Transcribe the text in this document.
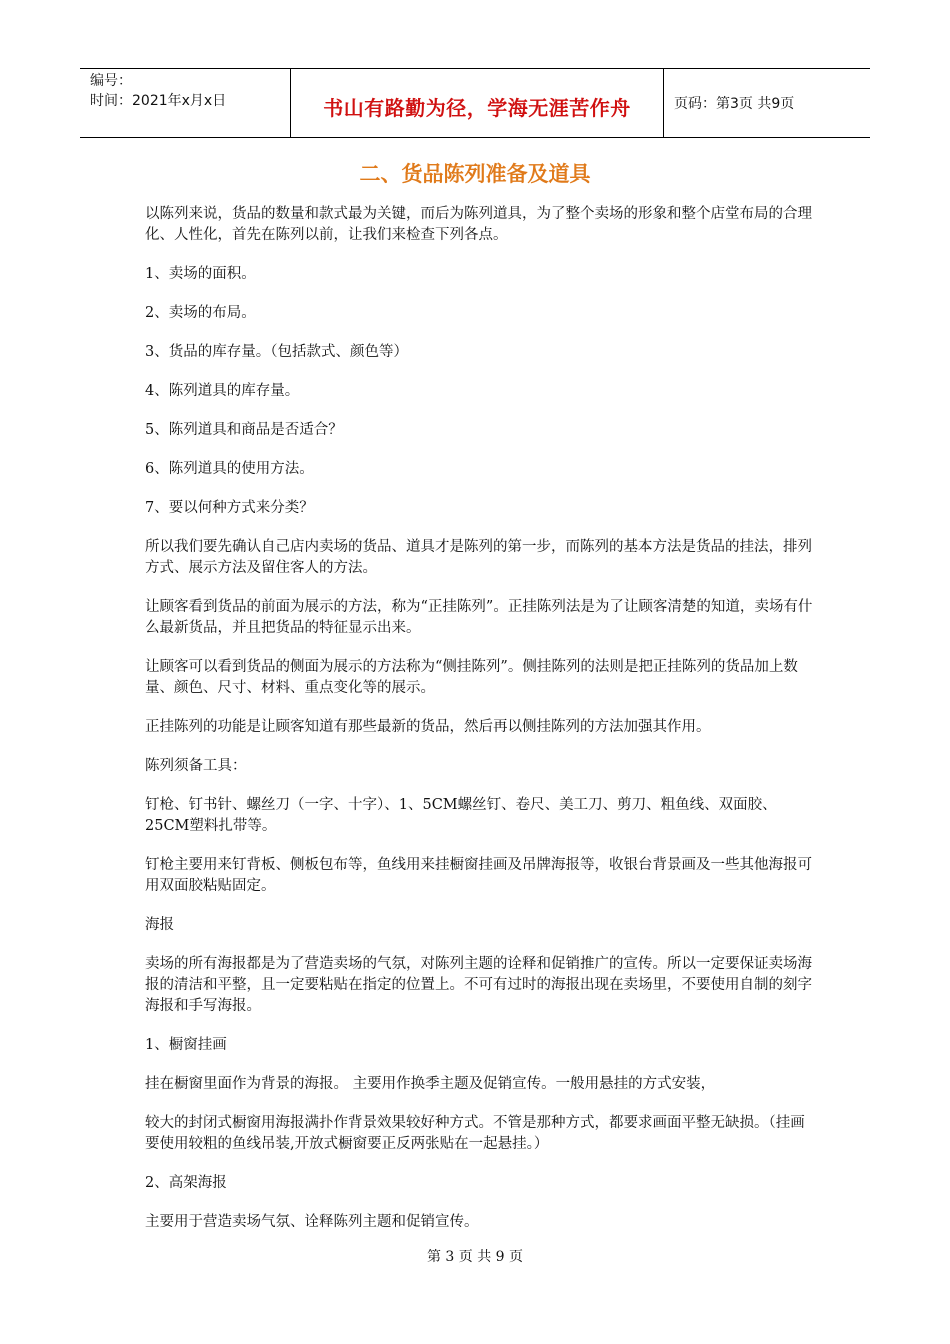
编号：
时间：2021年x月x日	书山有路勤为径，学海无涯苦作舟	页码：第3页 共9页
二、货品陈列准备及道具

以陈列来说，货品的数量和款式最为关键，而后为陈列道具，为了整个卖场的形象和整个店堂布局的合理化、人性化，首先在陈列以前，让我们来检查下列各点。

1、卖场的面积。

2、卖场的布局。

3、货品的库存量。（包括款式、颜色等）

4、陈列道具的库存量。

5、陈列道具和商品是否适合？

6、陈列道具的使用方法。

7、要以何种方式来分类？

所以我们要先确认自己店内卖场的货品、道具才是陈列的第一步，而陈列的基本方法是货品的挂法，排列方式、展示方法及留住客人的方法。

让顾客看到货品的前面为展示的方法，称为“正挂陈列”。正挂陈列法是为了让顾客清楚的知道，卖场有什么最新货品，并且把货品的特征显示出来。

让顾客可以看到货品的侧面为展示的方法称为“侧挂陈列”。侧挂陈列的法则是把正挂陈列的货品加上数量、颜色、尺寸、材料、重点变化等的展示。

正挂陈列的功能是让顾客知道有那些最新的货品，然后再以侧挂陈列的方法加强其作用。

陈列须备工具：

钉枪、钉书针、螺丝刀（一字、十字）、1、5CM螺丝钉、卷尺、美工刀、剪刀、粗鱼线、双面胶、25CM塑料扎带等。

钉枪主要用来钉背板、侧板包布等，鱼线用来挂橱窗挂画及吊牌海报等，收银台背景画及一些其他海报可用双面胶粘贴固定。

海报

卖场的所有海报都是为了营造卖场的气氛，对陈列主题的诠释和促销推广的宣传。所以一定要保证卖场海报的清洁和平整，且一定要粘贴在指定的位置上。不可有过时的海报出现在卖场里，不要使用自制的刻字海报和手写海报。

1、橱窗挂画

挂在橱窗里面作为背景的海报。 主要用作换季主题及促销宣传。一般用悬挂的方式安装，

较大的封闭式橱窗用海报满扑作背景效果较好种方式。不管是那种方式，都要求画面平整无缺损。（挂画要使用较粗的鱼线吊装,开放式橱窗要正反两张贴在一起悬挂。）

2、高架海报

主要用于营造卖场气氛、诠释陈列主题和促销宣传。

第 3 页 共 9 页
